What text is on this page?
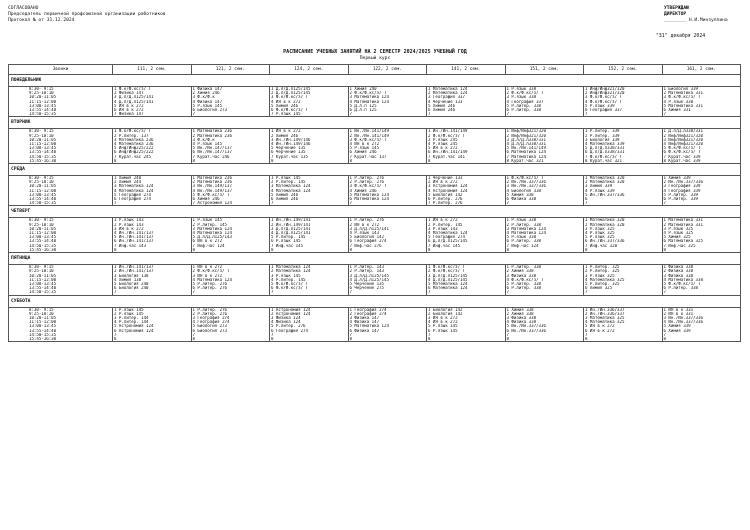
СОГЛАСОВАНО
Председатель первичной профсоюзной организации работников
Протокол № от 31.12.2024
УТВЕРЖДАЮ
ДИРЕКТОР
________ Н.И.Минзуллина
"31" декабря 2024
РАСПИСАНИЕ УЧЕБНЫХ ЗАНЯТИЙ НА 2 СЕМЕСТР 2024/2025 УЧЕБНЫЙ ГОД
Первый курс
Звонки	111, 2 сем.	121, 2 сем.	124, 2 сем.	122, 2 сем.	141, 2 сем.	151, 2 сем.	152, 2 сем.	161, 2 сем.
ПОНЕДЕЛЬНИК								
8:30- 9:15	1 Ф.к/Ф.кс/з/ Т	1 Физика 147	1 Д.л/Д.л125/145	1 Химия 240	1 Математика 124	1 Р.язык 338	1 Инф/Инф321/320	1 Биология 339
9:25-10:10	2 Физика 147	2 Химия 246	2 Д.л/Д.л125/145	2 Ф.к/Ф.кс/з/ Т	2 Математика 124	2 Ф.к/Ф.кс/з/ Т	2 Инф/Инф321/320	2 Математика 331
10:20-11:05	3 Д.л/Д.л125/141	3 Ф.к/Ф.к	3 Ф.к/Ф.кс/з/ Т	3 Математика 124	3 География 337	3 Р.язык 338	3 Ф.к/Ф.кс/з/ Т	3 Ф.к/Ф.кс/з/ Т
11:15-12:00	4 Д.л/Д.л125/141	4 Физика 147	4 ИЯ в к 272	4 Математика 124	4 Черчение 133	4 География 337	4 Ф.к/Ф.кс/з/ Т	4 Р.язык 338
13:00-13:45	5 ИЯ в к 272	5 Р.язык 145	5 Химия 246	5 Д.л.п 125	5 Химия 246	5 Р.литер. 338	5 Р.язык 339	5 Математика 331
13:55-14:40	6 ИЯ в к 272	6 Биология 273	6 Ф.к/Ф.кс/з/ Т	6 Д.л.п 125	6 Химия 246	6 Р.литер. 338	6 География 337	6 Химия 331
14:50-15:35	7 Физика 147	7	7 Р.язык 145	7	7	7	7	7
ВТОРНИК								
8:30- 9:15	1 Ф.к/Ф.кс/з/ Т	1 Математика 236	1 ИЯ в к 272	1 Ин./Ин.141/149	1 Ин./Ин.141/149	1 Инф/Инф321/320	1 Р.литер. 339	1 Д.л/Д.л338/331
9:25-10:10	2 Р.литер. 137	2 Математика 236	2 Химия 246	2 Ин./Ин.141/149	2 Ф.к/Ф.кс/з/ Т	2 Инф/Инф321/320	2 Р.литер. 339	2 Инф/Инф321/320
10:20-11:05	3 Математика 236	3 Ф.к/Ф.к	3 Ин./Ин.149/146	3 Ф.к/Ф.кс/з/ Т	3 Р.язык 245	3 Д.л/Д.л338/331	3 Биология 339	3 Инф/Инф321/320
11:15-12:00	4 Математика 236	4 Р.язык 145	4 Ин./Ин.149/146	4 ИЯ в к 272	4 Р.язык 245	4 Д.л/Д.л338/331	4 Математика 339	4 Инф/Инф321/320
13:00-13:45	5 Инф/Инф225/222	5 Ин./Ин.147/137	5 Черчение 135	5 Р.язык 145	5 ИЯ в к 272	5 Ин./Ин.141/149	5 Д.л/Д.л338/331	5 Ф.к/Ф.кс/з/ Т
13:55-14:40	6 Инф/Инф225/222	6 Ин./Ин.147/137	6 Черчение 135	6 Химия 246	6 Ин./Ин.141/149	6 Математика 124	6 Д.л/Д.л338/331	6 Ф.к/Ф.кс/з/ Т
14:50-15:35	7 Курат.час 245	7 Курат.час 246	7 Курат.час 135	7 Курат.час 137	7 Курат.час 141	7 Математика 124	7 Ф.к/Ф.кс/з/ Т	7 Курат.час 339
15:45-16:30	8	8	8	8	8	8 Курат.час 321	8 Курат.час 321	8 Курат.час 339
СРЕДА								
8:30- 9:15	1 Химия 240	1 Математика 236	1 Р.язык 145	1 Р.литер. 276	1 Черчение 133	1 Ф.к/Ф.кс/з/ Т	1 Математика 320	1 Химия 339
9:25-10:10	2 Химия 244	2 Математика 236	2 Р.литер. 145	2 Р.литер. 276	2 ИЯ в к 272	2 Ин./Ин.337/336	2 Математика 320	2 Ин./Ин.337/336
10:20-11:05	3 Математика 124	3 Ин./Ин.149/137	3 Математика 124	3 Ф.к/Ф.кс/з/ Т	3 Астрономия 124	3 Ин./Ин.337/336	3 Химия 339	3 География 339
11:15-12:00	4 Математика 124	4 Ин./Ин.149/137	4 Математика 124	4 Химия 246	4 Астрономия 124	4 Биология 338	4 Р.язык 339	4 География 339
13:00-13:45	5 География 274	5 Ф.к/Ф.кс/з/ Т	5 Химия 246	5 Математика 124	5 Биология 142	5 Химия 338	5 Ин./Ин.337/336	5 Р.литер. 339
13:55-14:40	6 География 274	6 Химия 246	6 Химия 246	6 Математика 124	6 Р.литер. 276	6 Физика 338	6	6 Р.литер. 339
14:50-15:35	7	7 Астрономия 124	7	7	7 Р.литер. 276	7	7	7
ЧЕТВЕРГ								
8:30- 9:15	1 Р.язык 143	1 Р.язык 145	1 Ин./Ин.149/141	1 Р.литер. 276	1 ИЯ в к 272	1 Р.язык 338	1 Математика 320	1 Математика 331
9:25-10:10	2 Р.язык 143	2 Р.литер. 145	2 Ин./Ин.149/141	2 ИЯ в к 272	2 Р.литер. 145	2 Р.литер. 338	2 Математика 320	2 Математика 331
10:20-11:05	3 ИЯ в к 272	3 Математика 124	3 Д.л/Д.л125/141	3 Д.л/Д.л125/141	3 Р.язык 143	3 Математика 124	3 Р.язык 325	3 Р.язык 325
11:15-12:00	4 Ин./Ин.141/137	4 Математика 124	4 Д.л/Д.л125/141	4 Р.язык 143	4 Математика 124	4 Математика 124	4 Р.язык 325	4 Р.язык 325
13:00-13:45	5 Ин./Ин.141/137	5 Д.л/Д.л125/143	5 Р.литер. 145	5 Биология 142	5 География 274	5 Р.язык 338	5 Р.язык 325	5 Химия 325
13:55-14:40	6 Ин./Ин.141/137	6 ИЯ в к 272	6 Р.язык 145	6 География 274	6 Д.л/Д.л125/145	6 Р.литер. 338	6 Ин./Ин.337/336	6 Математика 325
14:50-15:35	7 Инф.час 143	7 Инф.час 124	7 Инф.час 145	7 Инф.час 276	7 Инф.час 145	7 Инф.час 124	7 Инф.час 320	7 Инф.час 325
15:45-16:30	8	8	8	8	8	8	8	8
ПЯТНИЦА								
8:30- 9:15	1 Ин./Ин.141/137	1 ИЯ в к 272	1 Математика 124	1 Р.литер. 143	1 Ф.к/Ф.кс/з/ Т	1 Р.литер. 338	1 Р.литер. 325	1 Физика 338
9:25-10:10	2 Ин./Ин.141/137	2 Ф.к/Ф.кс/з/ Т	2 Математика 124	2 Р.литер. 143	2 Ф.к/Ф.кс/з/ Т	2 Химия 338	2 Р.литер. 325	2 Физика 338
10:20-11:05	3 Биология 138	3 ИЯ в к 272	3 Р.язык 145	3 Д.л/Д.л125/145	3 Д.л/Д.л125/145	3 Физика 338	3 Р.язык 325	3 Физика 338
11:15-12:00	4 Химия 138	4 Математика 124	4 Р.литер. 145	4 Д.л/Д.л125/145	4 Д.л/Д.л125/145	4 Ф.к/Ф.кс/з/ Т	4 Математика 325	4 Математика 338
13:00-13:45	5 Биология 240	5 Р.литер. 276	5 Ф.к/Ф.кс/з/ Т	5 Черчение 135	5 Математика 124	5 Р.литер. 338	5 Р.литер. 325	5 Ф.к/Ф.кс/з/ Т
13:55-14:40	6 Биология 240	6 Р.литер. 276	6 Ф.к/Ф.кс/з/ Т	6 Черчение 275	6 Математика 124	6 Р.литер. 338	6 Химия 325	6 Р.литер. 338
14:50-15:35	7	7	7	7	7	7	7	7
СУББОТА								
8:30- 9:15	1 Р.язык 145	1 Р.литер. 276	1 Астрономия 124	1 География 274	1 Биология 142	1 Химия 338	1 Ин./Ин.336/337	1 ИЯ в к 331
9:25-10:10	2 Р.язык 145	2 Р.литер. 276	2 Астрономия 124	2 География 274	2 Биология 142	2 Химия 338	2 Ин./Ин.336/337	2 ИЯ в к 331
10:20-11:05	3 Р.литер. 144	3 География 274	3 Физика 124	3 Физика 147	3 ИЯ в к 272	3 Физика 338	3 Математика 325	3 Ин./Ин.337/336
11:15-12:00	4 Р.литер. 144	4 География 274	4 Физика 124	4 Физика 147	4 ИЯ в к 272	4 Физика 338	4 Математика 325	4 Ин./Ин.337/336
13:00-13:45	5 Астрономия 124	5 Биология 273	5 Р.литер. 276	5 Математика 124	5 Р.язык 145	5 Ин./Ин.337/336	5 ИЯ в к 272	5 Химия 339
13:55-14:40	6 Астрономия 124	6 Биология 273	6 География 274	6 Физика 147	6 Р.язык 145	6 Ин./Ин.337/336	6 ИЯ в к 272	6 Химия 339
14:50-15:35	7	7	7	7	7	7	7	7
15:45-16:30	8	8	8	8	8	8	8	8
